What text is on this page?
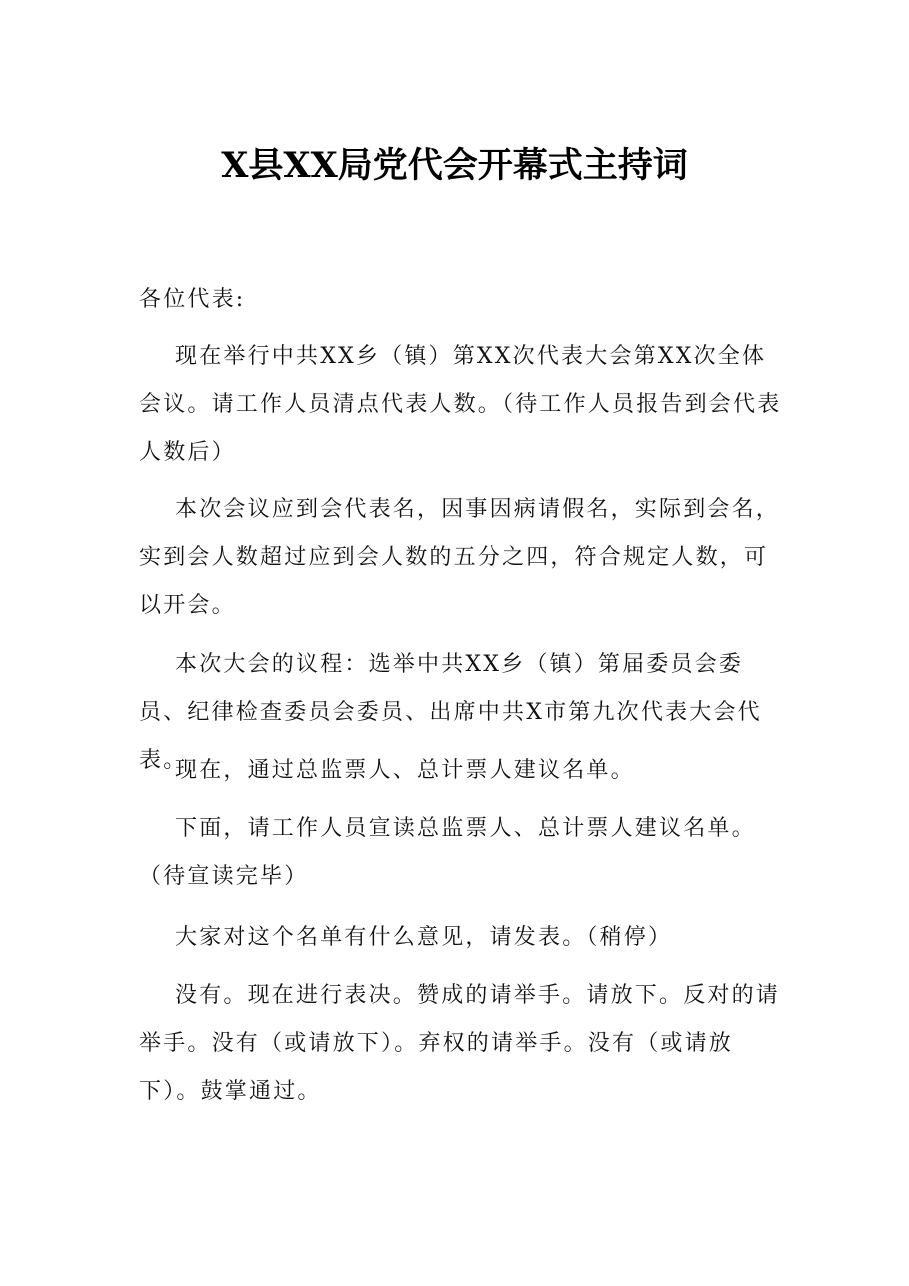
X县XX局党代会开幕式主持词

各位代表:

现在举行中共XX乡（镇）第XX次代表大会第XX次全体会议。请工作人员清点代表人数。（待工作人员报告到会代表人数后）

本次会议应到会代表名，因事因病请假名，实际到会名，实到会人数超过应到会人数的五分之四，符合规定人数，可以开会。

本次大会的议程：选举中共XX乡（镇）第届委员会委员、纪律检查委员会委员、出席中共X市第九次代表大会代表。

现在，通过总监票人、总计票人建议名单。

下面，请工作人员宣读总监票人、总计票人建议名单。（待宣读完毕）

大家对这个名单有什么意见，请发表。（稍停）

没有。现在进行表决。赞成的请举手。请放下。反对的请举手。没有（或请放下）。弃权的请举手。没有（或请放下）。鼓掌通过。
